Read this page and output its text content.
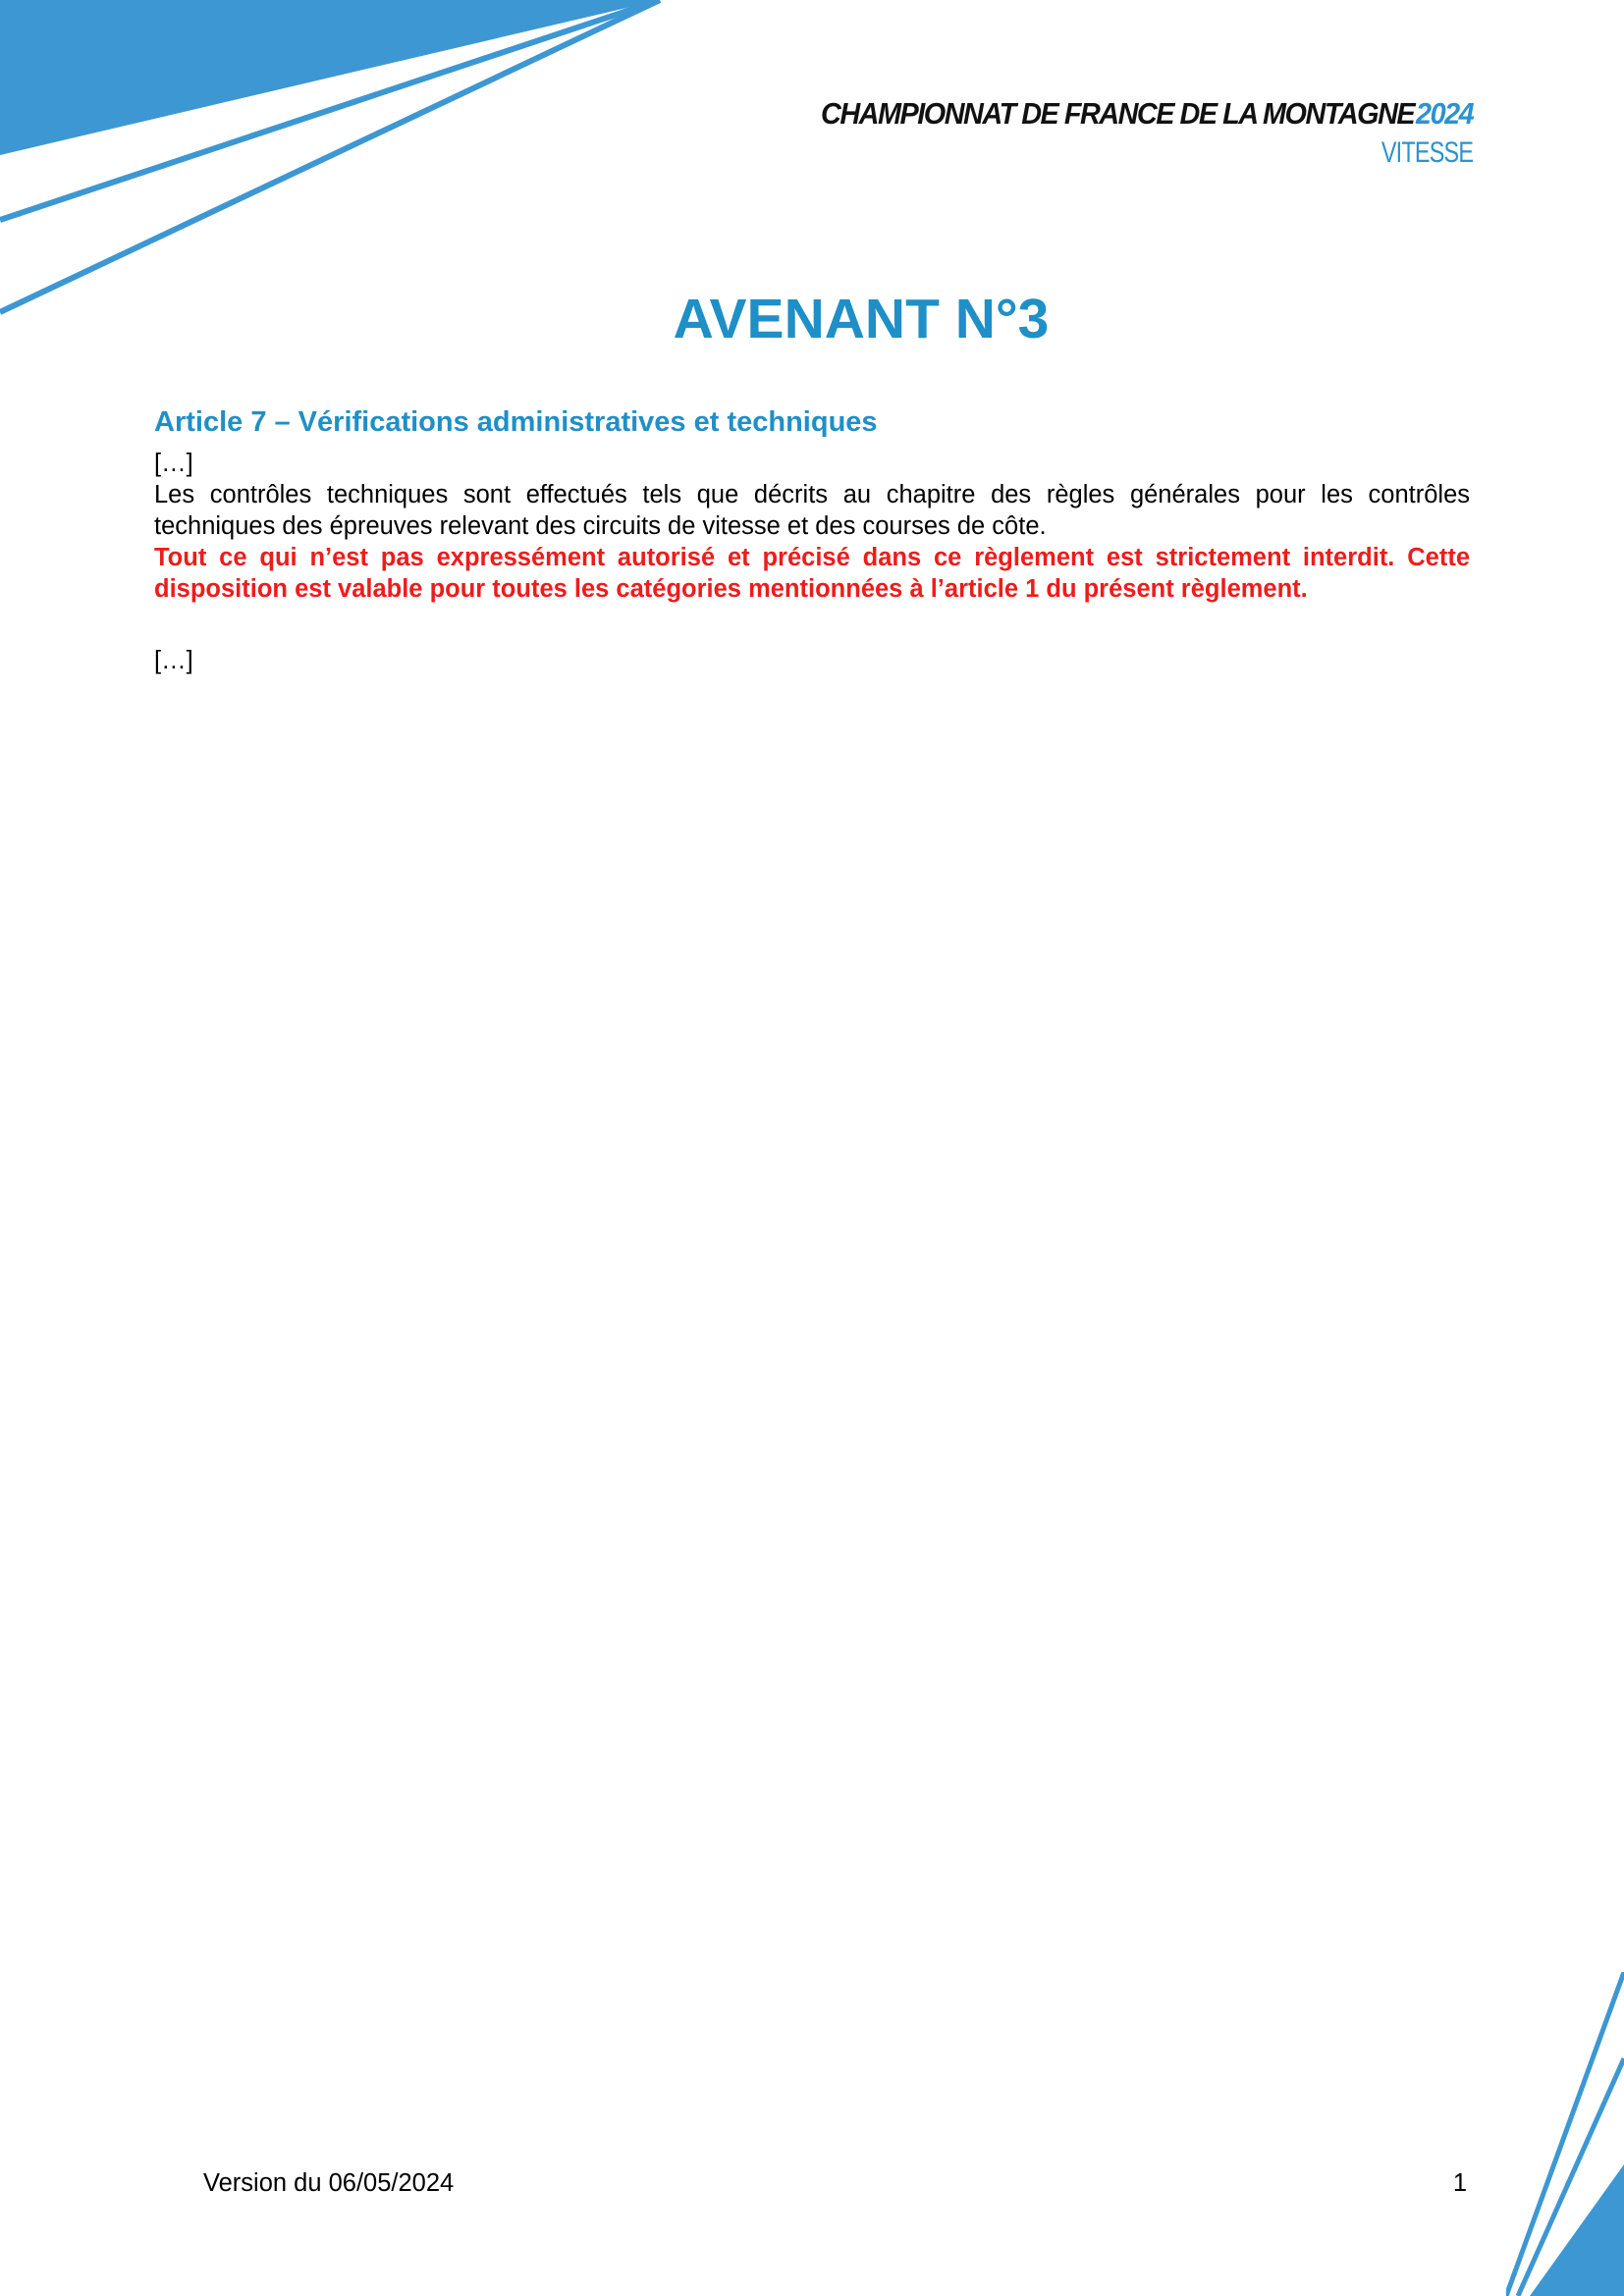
CHAMPIONNAT DE FRANCE DE LA MONTAGNE2024
VITESSE
AVENANT N°3
Article 7 – Vérifications administratives et techniques

[…]

Les contrôles techniques sont effectués tels que décrits au chapitre des règles générales pour les contrôles techniques des épreuves relevant des circuits de vitesse et des courses de côte.

Tout ce qui n’est pas expressément autorisé et précisé dans ce règlement est strictement interdit. Cette disposition est valable pour toutes les catégories mentionnées à l’article 1 du présent règlement.

[…]

Version du 06/05/2024	1
